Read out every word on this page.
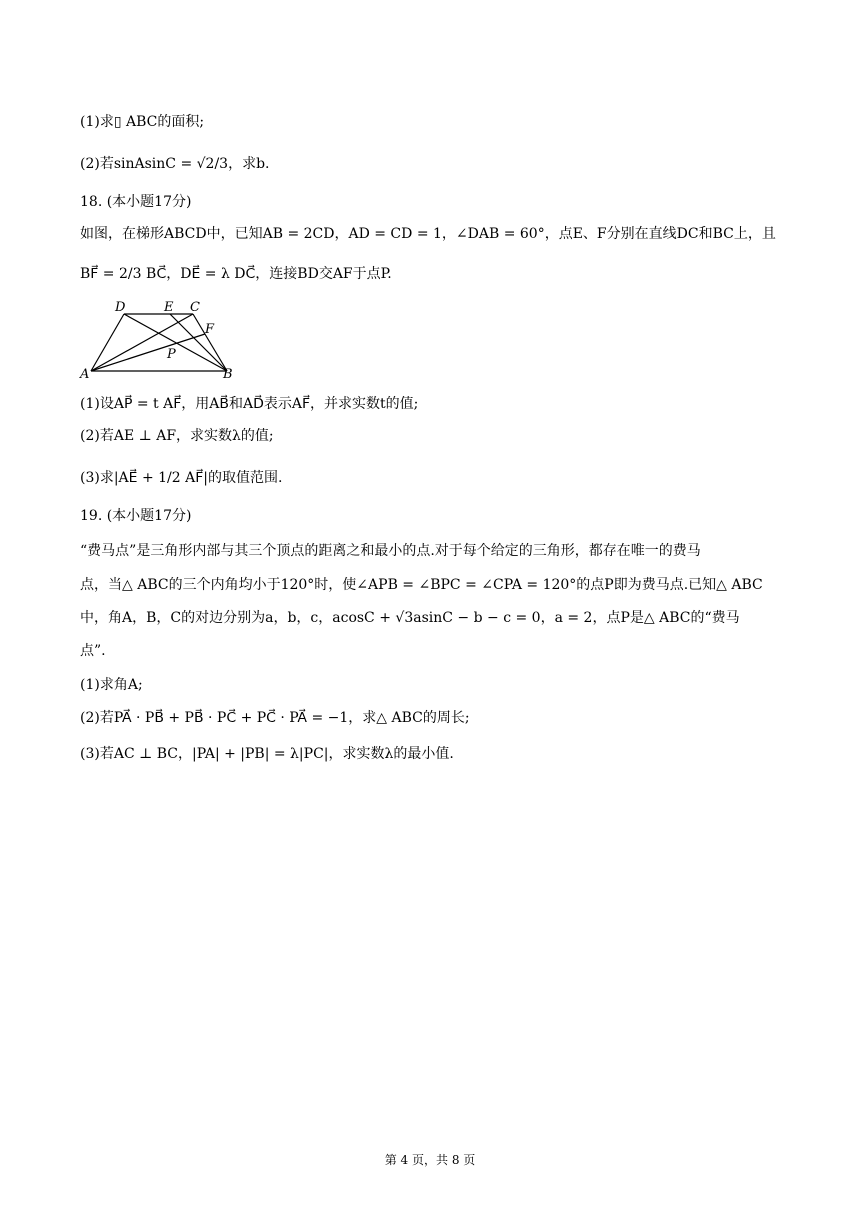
(1)求▯ ABC的面积;
(2)若sinAsinC = √2/3，求b.
18. (本小题17分)
如图，在梯形ABCD中，已知AB = 2CD，AD = CD = 1，∠DAB = 60°，点E、F分别在直线DC和BC上，且
BF⃗ = 2/3 BC⃗，DE⃗ = λ DC⃗，连接BD交AF于点P.
D	E C
F
P
A	B
(1)设AP⃗ = t AF⃗，用AB⃗和AD⃗表示AF⃗，并求实数t的值;
(2)若AE ⊥ AF，求实数λ的值;
(3)求|AE⃗ + 1/2 AF⃗|的取值范围.
19. (本小题17分)
“费马点”是三角形内部与其三个顶点的距离之和最小的点.对于每个给定的三角形，都存在唯一的费马
点，当△ ABC的三个内角均小于120°时，使∠APB = ∠BPC = ∠CPA = 120°的点P即为费马点.已知△ ABC
中，角A，B，C的对边分别为a，b，c，acosC + √3asinC − b − c = 0，a = 2，点P是△ ABC的“费马
点”.
(1)求角A;
(2)若PA⃗ · PB⃗ + PB⃗ · PC⃗ + PC⃗ · PA⃗ = −1，求△ ABC的周长;
(3)若AC ⊥ BC，|PA| + |PB| = λ|PC|，求实数λ的最小值.
第 4 页，共 8 页
